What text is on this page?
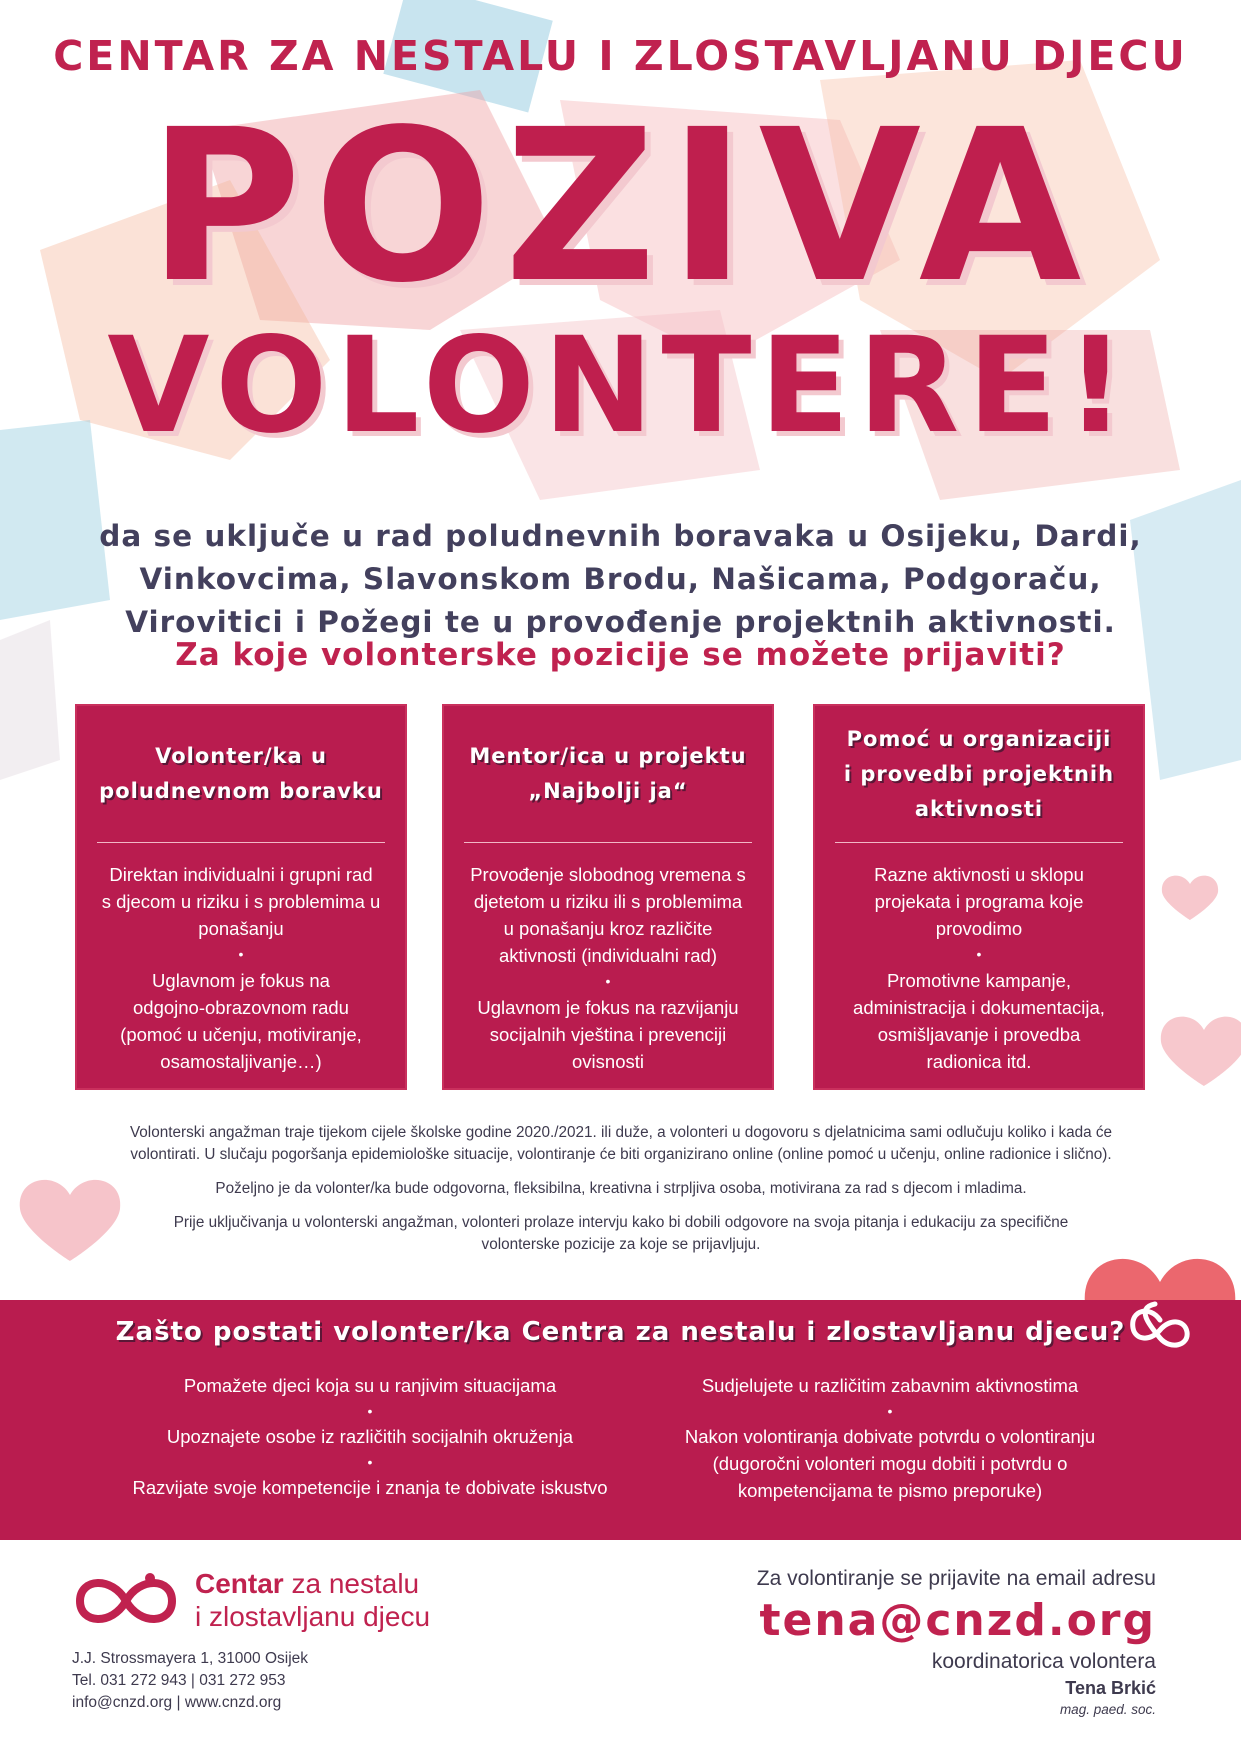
CENTAR ZA NESTALU I ZLOSTAVLJANU DJECU
POZIVA
VOLONTERE!
da se uključe u rad poludnevnih boravaka u Osijeku, Dardi,
Vinkovcima, Slavonskom Brodu, Našicama, Podgoraču,
Virovitici i Požegi te u provođenje projektnih aktivnosti.
Za koje volonterske pozicije se možete prijaviti?
Volonter/ka u
poludnevnom boravku
Direktan individualni i grupni rad
s djecom u riziku i s problemima u
ponašanju
•
Uglavnom je fokus na
odgojno-obrazovnom radu
(pomoć u učenju, motiviranje,
osamostaljivanje…)
Mentor/ica u projektu
„Najbolji ja“
Provođenje slobodnog vremena s
djetetom u riziku ili s problemima
u ponašanju kroz različite
aktivnosti (individualni rad)
•
Uglavnom je fokus na razvijanju
socijalnih vještina i prevenciji
ovisnosti
Pomoć u organizaciji
i provedbi projektnih
aktivnosti
Razne aktivnosti u sklopu
projekata i programa koje
provodimo
•
Promotivne kampanje,
administracija i dokumentacija,
osmišljavanje i provedba
radionica itd.

Volonterski angažman traje tijekom cijele školske godine 2020./2021. ili duže, a volonteri u dogovoru s djelatnicima sami odlučuju koliko i kada će
volontirati. U slučaju pogoršanja epidemiološke situacije, volontiranje će biti organizirano online (online pomoć u učenju, online radionice i slično).

Poželjno je da volonter/ka bude odgovorna, fleksibilna, kreativna i strpljiva osoba, motivirana za rad s djecom i mladima.

Prije uključivanja u volonterski angažman, volonteri prolaze intervju kako bi dobili odgovore na svoja pitanja i edukaciju za specifične
volonterske pozicije za koje se prijavljuju.

Zašto postati volonter/ka Centra za nestalu i zlostavljanu djecu?
Pomažete djeci koja su u ranjivim situacijama
•
Upoznajete osobe iz različitih socijalnih okruženja
•
Razvijate svoje kompetencije i znanja te dobivate iskustvo
Sudjelujete u različitim zabavnim aktivnostima
•
Nakon volontiranja dobivate potvrdu o volontiranju
(dugoročni volonteri mogu dobiti i potvrdu o
kompetencijama te pismo preporuke)
Centar za nestalu
i zlostavljanu djecu
J.J. Strossmayera 1, 31000 Osijek
Tel. 031 272 943 | 031 272 953
info@cnzd.org | www.cnzd.org
Za volontiranje se prijavite na email adresu
tena@cnzd.org
koordinatorica volontera
Tena Brkić
mag. paed. soc.
